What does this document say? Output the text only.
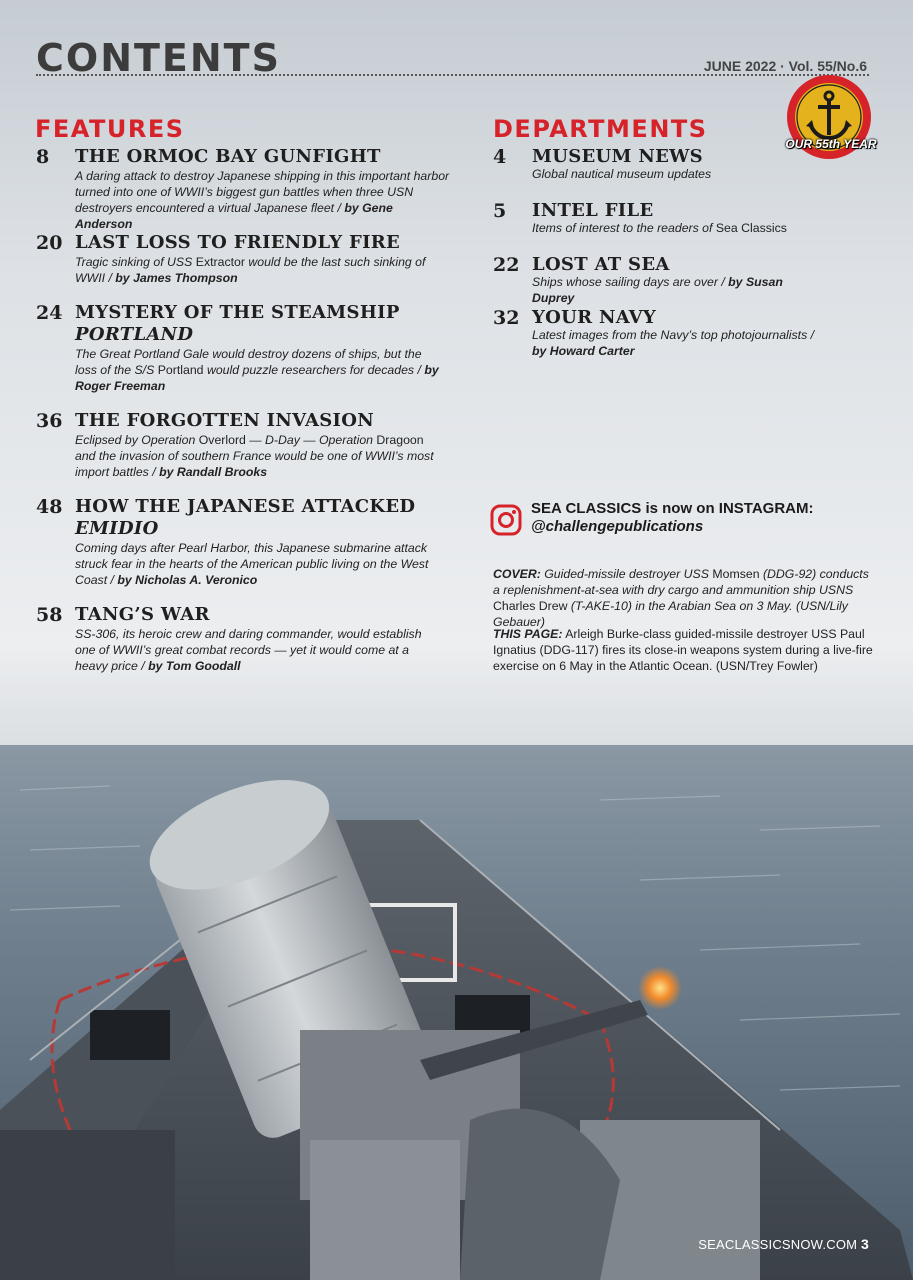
CONTENTS	JUNE 2022 · Vol. 55/No.6
OUR 55th YEAR
FEATURES	DEPARTMENTS
8 THE ORMOC BAY GUNFIGHT

A daring attack to destroy Japanese shipping in this important harbor turned into one of WWII’s biggest gun battles when three USN destroyers encountered a virtual Japanese fleet / by Gene Anderson

20 LAST LOSS TO FRIENDLY FIRE

Tragic sinking of USS Extractor would be the last such sinking of WWII / by James Thompson

24 MYSTERY OF THE STEAMSHIP
PORTLAND

The Great Portland Gale would destroy dozens of ships, but the loss of the S/S Portland would puzzle researchers for decades / by Roger Freeman

36 THE FORGOTTEN INVASION

Eclipsed by Operation Overlord — D-Day — Operation Dragoon and the invasion of southern France would be one of WWII’s most import battles / by Randall Brooks

48 HOW THE JAPANESE ATTACKED
EMIDIO

Coming days after Pearl Harbor, this Japanese submarine attack struck fear in the hearts of the American public living on the West Coast / by Nicholas A. Veronico

58 TANG’S WAR

SS-306, its heroic crew and daring commander, would establish one of WWII’s great combat records — yet it would come at a heavy price / by Tom Goodall

4 MUSEUM NEWS

Global nautical museum updates

5 INTEL FILE

Items of interest to the readers of Sea Classics

22 LOST AT SEA

Ships whose sailing days are over / by Susan Duprey

32 YOUR NAVY

Latest images from the Navy’s top photojournalists / by Howard Carter

SEA CLASSICS is now on INSTAGRAM:
@challengepublications

COVER: Guided-missile destroyer USS Momsen (DDG-92) conducts a replenishment-at-sea with dry cargo and ammunition ship USNS Charles Drew (T-AKE-10) in the Arabian Sea on 3 May. (USN/Lily Gebauer)

THIS PAGE: Arleigh Burke-class guided-missile destroyer USS Paul Ignatius (DDG-117) fires its close-in weapons system during a live-fire exercise on 6 May in the Atlantic Ocean. (USN/Trey Fowler)

SEACLASSICSNOW.COM 3
